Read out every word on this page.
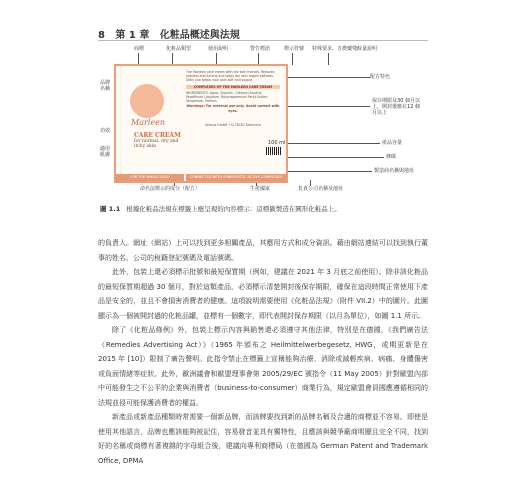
8 第 1 章 化粧品概述與法規
商標	化粧品類型	使用說明	警告標語	標示符號 特殊要求、含農藥殘餘量說明
品牌名稱
功效
適用肌膚
配方特色
保存期限及30 個月以上，開封後應在12 個月以上
產品容量
條碼
製造商名稱與地址
命名法標示的成分（配方）	生產國家	負責公司名稱及地址
Marleen
CARE CREAM
for normal, dry and itchy skin
The Marleen care cream with the skin friendly. Reduces redness and itching and helps dry skin regain softness. Daily use keeps your skin soft and supple.
COMPLEXES OF THE MARLEEN CARE CREAM
INGREDIENTS: Aqua, Glycerin, Cetearyl Alcohol, Paraffinum Liquidum, Butyrospermum Parkii Butter, Tocopherol, Parfum.
Warnings: For external use only. Avoid contact with eyes.
Sensus GmbH • D-76187 Karlsruhe
100 ml
FOR THE WHOLE BODY	CONNECTED WITH SYNERGISTIC ACTIVE COMPLEXES
圖 1.1 根據化粧品法規在標籤上應呈現的內容標示：這標籤製造在圓形化粧品上。

的負責人。網址（網站）上可以找到更多相關產品，其應用方式和成分資訊。藉由網站連結可以找到執行董事的姓名、公司的稅籍登記號碼及電話號碼。

此外，包裝上還必須標示批號和最短保質期（例如，建議在 2021 年 3 月底之前使用）。除非該化粧品的最短保質期超過 30 個月，對於這類產品，必須標示清楚開封後保存期限，確保在這段時間正常使用下產品是安全的，並且不會損害消費者的健康。這項說明需要使用《化粧品法規》（附件 VII.2）中的圖片。此圖顯示為一個被開封過的化粧品罐，並標有一個數字，即代表開封保存期限（以月為單位），如圖 1.1 所示。

除了《化粧品條例》外，包裝上標示內容與銷售還必須遵守其他法律，特別是在德國，《我們廣告法（Remedies Advertising Act）》（1965 年頒布之 Heilmittelwerbegesetz, HWG，或期更新是在 2015 年 [10]）限制了廣告聲明。此指令禁止在標籤上宣稱能夠治療、消除或減輕疾病、病痛、身體傷害或負面情緒等症狀。此外，歐洲議會和歐盟理事會第 2005/29/EC 號指令（11 May 2005）針對歐盟內部中可能發生之不公平的企業與消費者（business-to-consumer）商業行為，規定歐盟會員國應遵循相同的法規並侵可能保護消費者的權益。

新產品或新產品種類時常需要一個新品牌，而該牌要找到新的品牌名稱及合適的商標並不容易。即使是使用其他語言，品牌也應該能夠被記住，容易發音並具有獨特性，且應該與競爭廠商明顯且完全不同，找到好的名稱或商標有著複雜的字母組合後，建議向專利商標局（在德國為 German Patent and Trademark Office, DPMA
